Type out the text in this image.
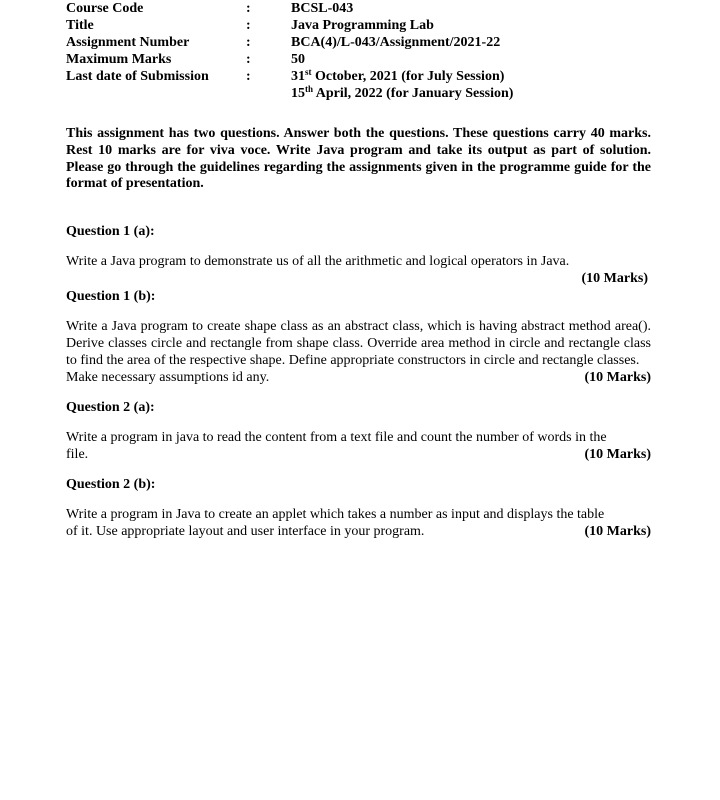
Course Code	:	BCSL-043
Title	:	Java Programming Lab
Assignment Number	:	BCA(4)/L-043/Assignment/2021-22
Maximum Marks	:	50
Last date of Submission	:	31st October, 2021 (for July Session)
15th April, 2022 (for January Session)
This assignment has two questions. Answer both the questions. These questions carry 40 marks. Rest 10 marks are for viva voce. Write Java program and take its output as part of solution. Please go through the guidelines regarding the assignments given in the programme guide for the format of presentation.
Question 1 (a):
Write a Java program to demonstrate us of all the arithmetic and logical operators in Java.
(10 Marks)
Question 1 (b):
Write a Java program to create shape class as an abstract class, which is having abstract method area(). Derive classes circle and rectangle from shape class. Override area method in circle and rectangle class to find the area of the respective shape. Define appropriate constructors in circle and rectangle classes.
Make necessary assumptions id any.	(10 Marks)
Question 2 (a):
Write a program in java to read the content from a text file and count the number of words in the
file.	(10 Marks)
Question 2 (b):
Write a program in Java to create an applet which takes a number as input and displays the table
of it. Use appropriate layout and user interface in your program.	(10 Marks)
